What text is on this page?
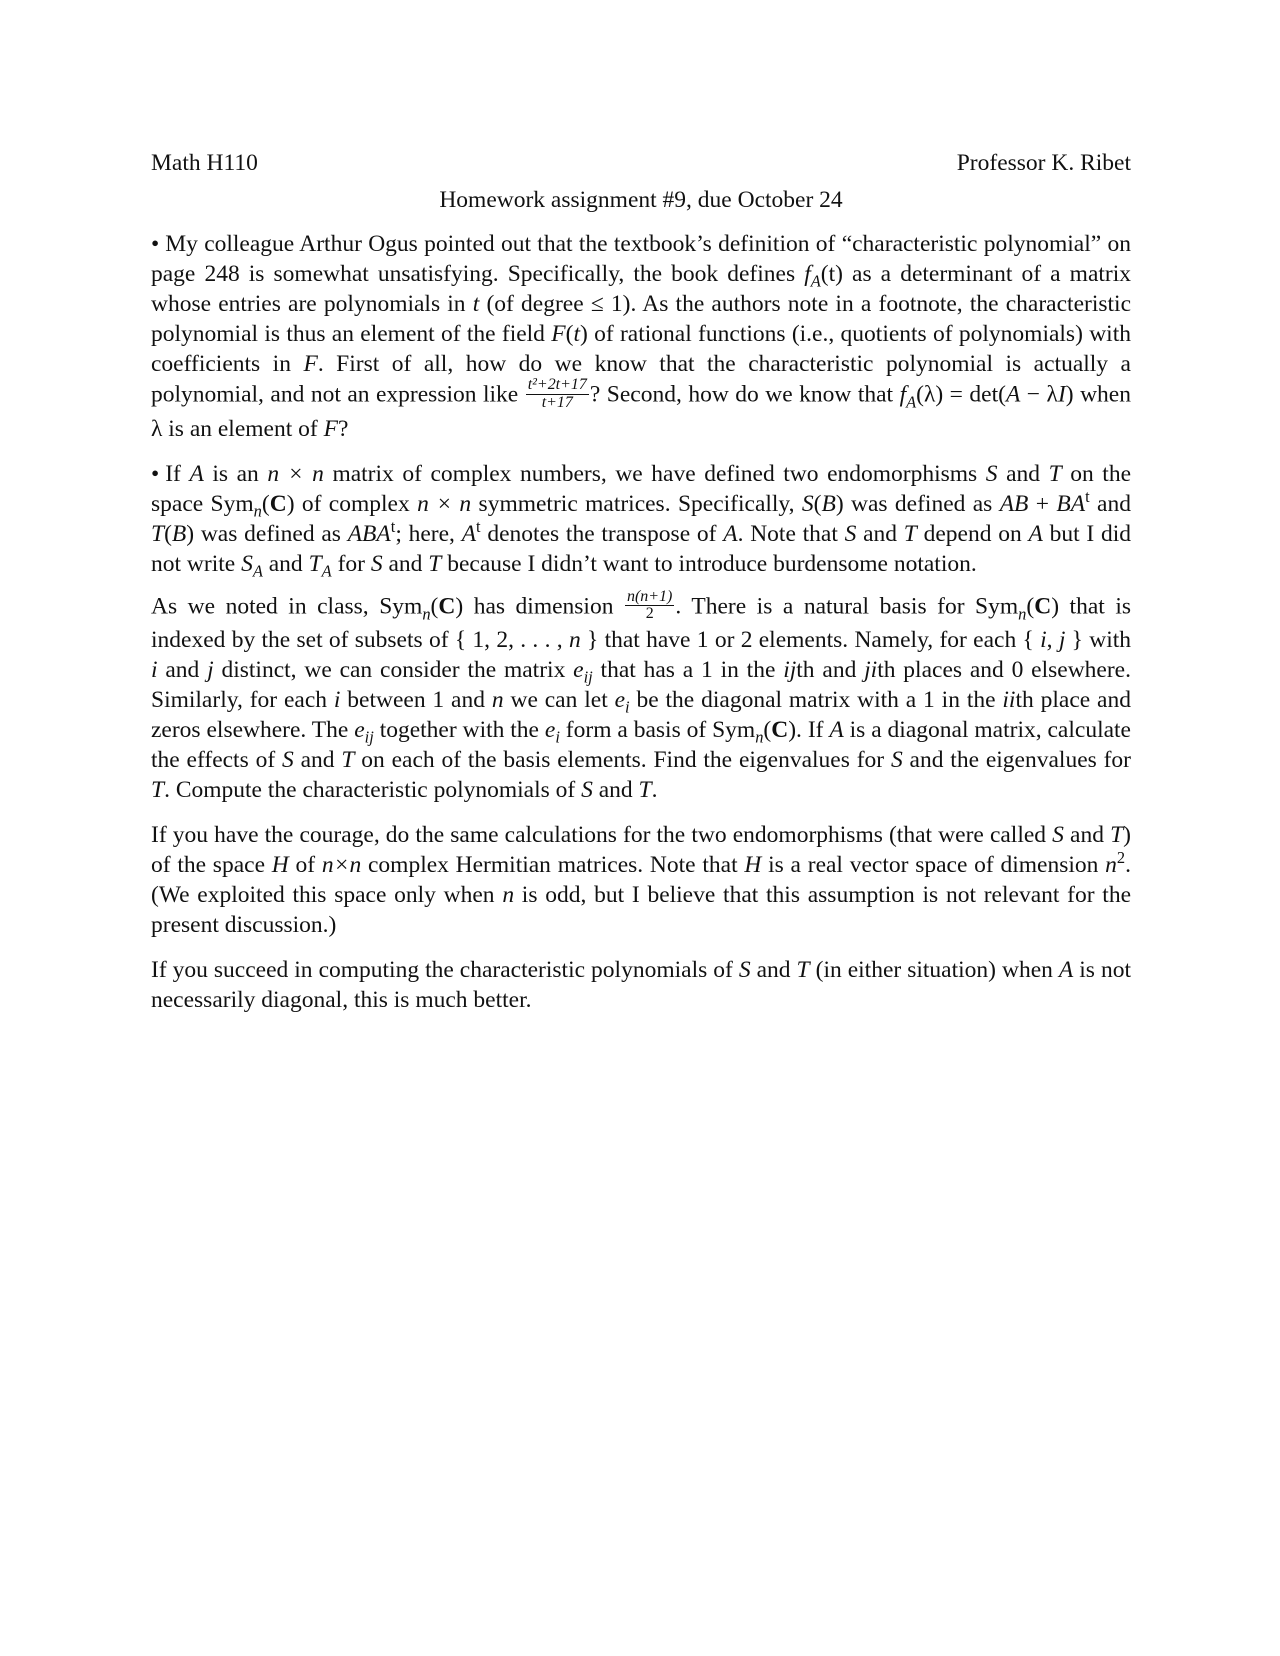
Math H110	Professor K. Ribet
Homework assignment #9, due October 24

• My colleague Arthur Ogus pointed out that the textbook’s definition of “characteristic polynomial” on page 248 is somewhat unsatisfying. Specifically, the book defines $f_A(t)$ as a determinant of a matrix whose entries are polynomials in t (of degree ≤ 1). As the authors note in a footnote, the characteristic polynomial is thus an element of the field F(t) of rational functions (i.e., quotients of polynomials) with coefficients in F. First of all, how do we know that the characteristic polynomial is actually a polynomial, and not an expression like $\frac{\text{t²+2t+17}}{t+17}$ ? Second, how do we know that $f_A(\lambda) = \det(A - \lambda I)$ when λ is an element of F?

• If A is an n × n matrix of complex numbers, we have defined two endomorphisms S and T on the space Sym$_n$(C) of complex n × n symmetric matrices. Specifically, S(B) was defined as AB + $BA^t$ and T(B) was defined as ABA$^t$; here, $A^t$ denotes the transpose of A. Note that S and T depend on A but I did not write $S_A$ and $T_A$ for S and T because I didn’t want to introduce burdensome notation.

As we noted in class, Sym$_n$(C) has dimension $\frac{n(n+1)}{2}$ . There is a natural basis for Sym$_n$(C) that is indexed by the set of subsets of { 1, 2, . . . , n } that have 1 or 2 elements. Namely, for each { i, j } with i and j distinct, we can consider the matrix $e_{ij}$ that has a 1 in the ijth and jith places and 0 elsewhere. Similarly, for each i between 1 and n we can let $e_i$ be the diagonal matrix with a 1 in the iith place and zeros elsewhere. The $e_{ij}$ together with the $e_i$ form a basis of Sym$_n$(C). If A is a diagonal matrix, calculate the effects of S and T on each of the basis elements. Find the eigenvalues for S and the eigenvalues for T. Compute the characteristic polynomials of S and T.

If you have the courage, do the same calculations for the two endomorphisms (that were called S and T) of the space H of n×n complex Hermitian matrices. Note that H is a real vector space of dimension $n^2$. (We exploited this space only when n is odd, but I believe that this assumption is not relevant for the present discussion.)

If you succeed in computing the characteristic polynomials of S and T (in either situation) when A is not necessarily diagonal, this is much better.
